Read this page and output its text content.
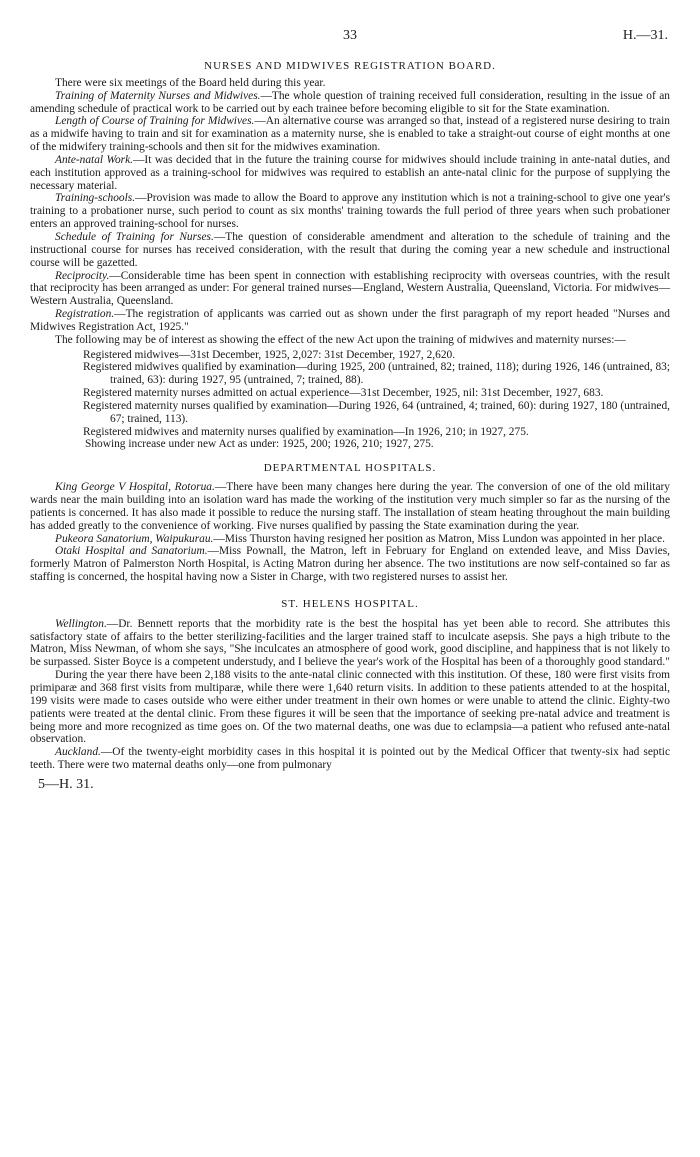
33	H.—31.
NURSES AND MIDWIVES REGISTRATION BOARD.

There were six meetings of the Board held during this year.

Training of Maternity Nurses and Midwives.—The whole question of training received full consideration, resulting in the issue of an amending schedule of practical work to be carried out by each trainee before becoming eligible to sit for the State examination.

Length of Course of Training for Midwives.—An alternative course was arranged so that, instead of a registered nurse desiring to train as a midwife having to train and sit for examination as a maternity nurse, she is enabled to take a straight-out course of eight months at one of the midwifery training-schools and then sit for the midwives examination.

Ante-natal Work.—It was decided that in the future the training course for midwives should include training in ante-natal duties, and each institution approved as a training-school for midwives was required to establish an ante-natal clinic for the purpose of supplying the necessary material.

Training-schools.—Provision was made to allow the Board to approve any institution which is not a training-school to give one year's training to a probationer nurse, such period to count as six months' training towards the full period of three years when such probationer enters an approved training-school for nurses.

Schedule of Training for Nurses.—The question of considerable amendment and alteration to the schedule of training and the instructional course for nurses has received consideration, with the result that during the coming year a new schedule and instructional course will be gazetted.

Reciprocity.—Considerable time has been spent in connection with establishing reciprocity with overseas countries, with the result that reciprocity has been arranged as under: For general trained nurses—England, Western Australia, Queensland, Victoria. For midwives—Western Australia, Queensland.

Registration.—The registration of applicants was carried out as shown under the first paragraph of my report headed "Nurses and Midwives Registration Act, 1925."

The following may be of interest as showing the effect of the new Act upon the training of midwives and maternity nurses:—

Registered midwives—31st December, 1925, 2,027: 31st December, 1927, 2,620.

Registered midwives qualified by examination—during 1925, 200 (untrained, 82; trained, 118); during 1926, 146 (untrained, 83; trained, 63): during 1927, 95 (untrained, 7; trained, 88).

Registered maternity nurses admitted on actual experience—31st December, 1925, nil: 31st December, 1927, 683.

Registered maternity nurses qualified by examination—During 1926, 64 (untrained, 4; trained, 60): during 1927, 180 (untrained, 67; trained, 113).

Registered midwives and maternity nurses qualified by examination—In 1926, 210; in 1927, 275.

Showing increase under new Act as under: 1925, 200; 1926, 210; 1927, 275.

DEPARTMENTAL HOSPITALS.

King George V Hospital, Rotorua.—There have been many changes here during the year. The conversion of one of the old military wards near the main building into an isolation ward has made the working of the institution very much simpler so far as the nursing of the patients is concerned. It has also made it possible to reduce the nursing staff. The installation of steam heating throughout the main building has added greatly to the convenience of working. Five nurses qualified by passing the State examination during the year.

Pukeora Sanatorium, Waipukurau.—Miss Thurston having resigned her position as Matron, Miss Lundon was appointed in her place.

Otaki Hospital and Sanatorium.—Miss Pownall, the Matron, left in February for England on extended leave, and Miss Davies, formerly Matron of Palmerston North Hospital, is Acting Matron during her absence. The two institutions are now self-contained so far as staffing is concerned, the hospital having now a Sister in Charge, with two registered nurses to assist her.

ST. HELENS HOSPITAL.

Wellington.—Dr. Bennett reports that the morbidity rate is the best the hospital has yet been able to record. She attributes this satisfactory state of affairs to the better sterilizing-facilities and the larger trained staff to inculcate asepsis. She pays a high tribute to the Matron, Miss Newman, of whom she says, "She inculcates an atmosphere of good work, good discipline, and happiness that is not likely to be surpassed. Sister Boyce is a competent understudy, and I believe the year's work of the Hospital has been of a thoroughly good standard."

During the year there have been 2,188 visits to the ante-natal clinic connected with this institution. Of these, 180 were first visits from primiparæ and 368 first visits from multiparæ, while there were 1,640 return visits. In addition to these patients attended to at the hospital, 199 visits were made to cases outside who were either under treatment in their own homes or were unable to attend the clinic. Eighty-two patients were treated at the dental clinic. From these figures it will be seen that the importance of seeking pre-natal advice and treatment is being more and more recognized as time goes on. Of the two maternal deaths, one was due to eclampsia—a patient who refused ante-natal observation.

Auckland.—Of the twenty-eight morbidity cases in this hospital it is pointed out by the Medical Officer that twenty-six had septic teeth. There were two maternal deaths only—one from pulmonary

5—H. 31.
